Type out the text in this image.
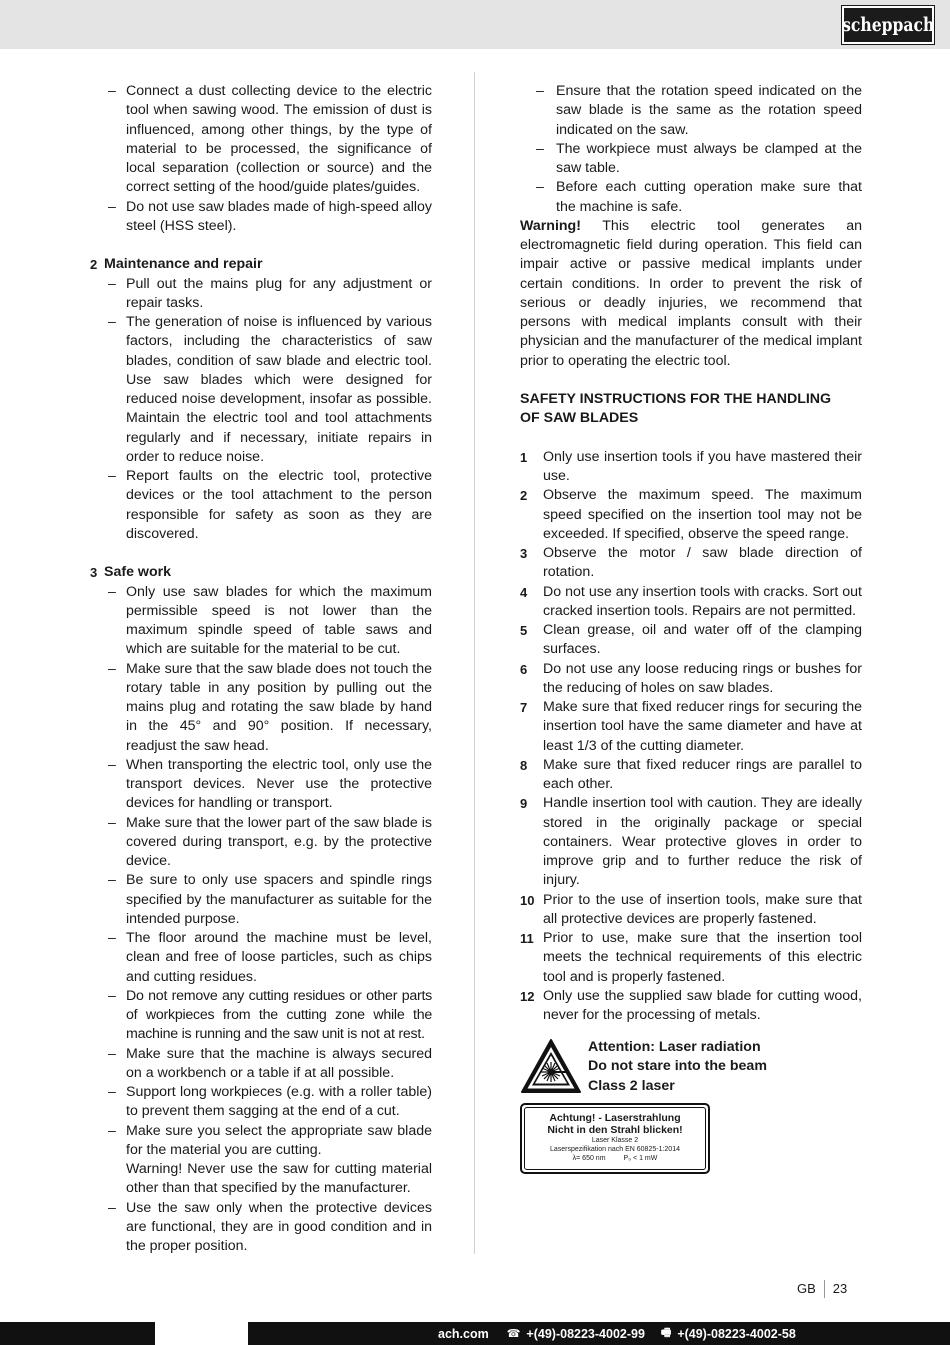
scheppach
– Connect a dust collecting device to the electric tool when sawing wood. The emission of dust is influenced, among other things, by the type of material to be processed, the significance of local separation (collection or source) and the correct setting of the hood/guide plates/guides.
– Do not use saw blades made of high-speed alloy steel (HSS steel).
2 Maintenance and repair
– Pull out the mains plug for any adjustment or repair tasks.
– The generation of noise is influenced by various factors, including the characteristics of saw blades, condition of saw blade and electric tool. Use saw blades which were designed for reduced noise development, insofar as possible. Maintain the electric tool and tool attachments regularly and if necessary, initiate repairs in order to reduce noise.
– Report faults on the electric tool, protective devices or the tool attachment to the person responsible for safety as soon as they are discovered.
3 Safe work
– Only use saw blades for which the maximum permissible speed is not lower than the maximum spindle speed of table saws and which are suitable for the material to be cut.
– Make sure that the saw blade does not touch the rotary table in any position by pulling out the mains plug and rotating the saw blade by hand in the 45° and 90° position. If necessary, readjust the saw head.
– When transporting the electric tool, only use the transport devices. Never use the protective devices for handling or transport.
– Make sure that the lower part of the saw blade is covered during transport, e.g. by the protective device.
– Be sure to only use spacers and spindle rings specified by the manufacturer as suitable for the intended purpose.
– The floor around the machine must be level, clean and free of loose particles, such as chips and cutting residues.
– Do not remove any cutting residues or other parts of workpieces from the cutting zone while the machine is running and the saw unit is not at rest.
– Make sure that the machine is always secured on a workbench or a table if at all possible.
– Support long workpieces (e.g. with a roller table) to prevent them sagging at the end of a cut.
– Make sure you select the appropriate saw blade for the material you are cutting.
Warning! Never use the saw for cutting material other than that specified by the manufacturer.
– Use the saw only when the protective devices are functional, they are in good condition and in the proper position.
– Ensure that the rotation speed indicated on the saw blade is the same as the rotation speed indicated on the saw.
– The workpiece must always be clamped at the saw table.
– Before each cutting operation make sure that the machine is safe.
Warning! This electric tool generates an electromagnetic field during operation. This field can impair active or passive medical implants under certain conditions. In order to prevent the risk of serious or deadly injuries, we recommend that persons with medical implants consult with their physician and the manufacturer of the medical implant prior to operating the electric tool.
SAFETY INSTRUCTIONS FOR THE HANDLING
OF SAW BLADES
1 Only use insertion tools if you have mastered their use.
2 Observe the maximum speed. The maximum speed specified on the insertion tool may not be exceeded. If specified, observe the speed range.
3 Observe the motor / saw blade direction of rotation.
4 Do not use any insertion tools with cracks. Sort out cracked insertion tools. Repairs are not permitted.
5 Clean grease, oil and water off of the clamping surfaces.
6 Do not use any loose reducing rings or bushes for the reducing of holes on saw blades.
7 Make sure that fixed reducer rings for securing the insertion tool have the same diameter and have at least 1/3 of the cutting diameter.
8 Make sure that fixed reducer rings are parallel to each other.
9 Handle insertion tool with caution. They are ideally stored in the originally package or special containers. Wear protective gloves in order to improve grip and to further reduce the risk of injury.
10 Prior to the use of insertion tools, make sure that all protective devices are properly fastened.
11 Prior to use, make sure that the insertion tool meets the technical requirements of this electric tool and is properly fastened.
12 Only use the supplied saw blade for cutting wood, never for the processing of metals.
Attention: Laser radiation
Do not stare into the beam
Class 2 laser
Achtung! - Laserstrahlung
Nicht in den Strahl blicken!
Laser Klasse 2
Laserspezifikation nach EN 60825-1:2014
λ= 650 nm	P₀ < 1 mW
GB	23
ach.com ☎ +(49)-08223-4002-99 🖷 +(49)-08223-4002-58
